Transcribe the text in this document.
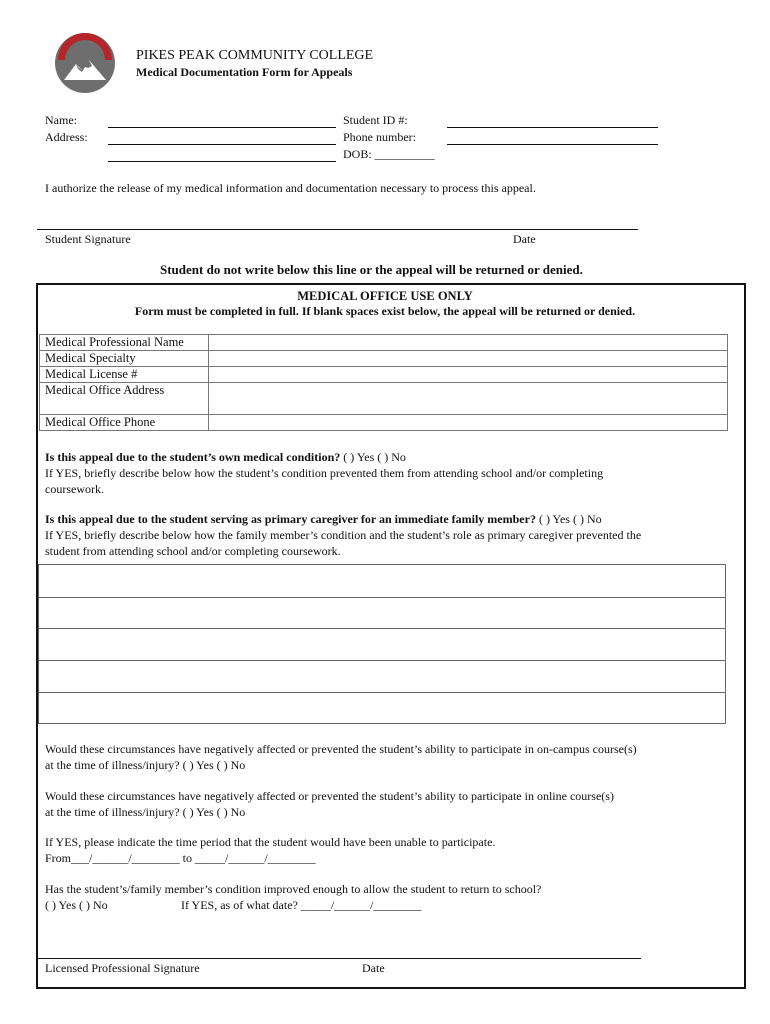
PIKES PEAK COMMUNITY COLLEGE
Medical Documentation Form for Appeals
Name:
Address:
Student ID #:
Phone number:
DOB: __________
I authorize the release of my medical information and documentation necessary to process this appeal.
Student Signature	Date
Student do not write below this line or the appeal will be returned or denied.
MEDICAL OFFICE USE ONLY
Form must be completed in full. If blank spaces exist below, the appeal will be returned or denied.
Medical Professional Name	
Medical Specialty	
Medical License #	
Medical Office Address	
Medical Office Phone	
Is this appeal due to the student’s own medical condition? ( ) Yes ( ) No
If YES, briefly describe below how the student’s condition prevented them from attending school and/or completing
coursework.
Is this appeal due to the student serving as primary caregiver for an immediate family member? ( ) Yes ( ) No
If YES, briefly describe below how the family member’s condition and the student’s role as primary caregiver prevented the
student from attending school and/or completing coursework.
Would these circumstances have negatively affected or prevented the student’s ability to participate in on-campus course(s)
at the time of illness/injury? ( ) Yes ( ) No
Would these circumstances have negatively affected or prevented the student’s ability to participate in online course(s)
at the time of illness/injury? ( ) Yes ( ) No
If YES, please indicate the time period that the student would have been unable to participate.
From___/______/________ to _____/______/________
Has the student’s/family member’s condition improved enough to allow the student to return to school?
( ) Yes ( ) No	If YES, as of what date? _____/______/________
Licensed Professional Signature	Date
